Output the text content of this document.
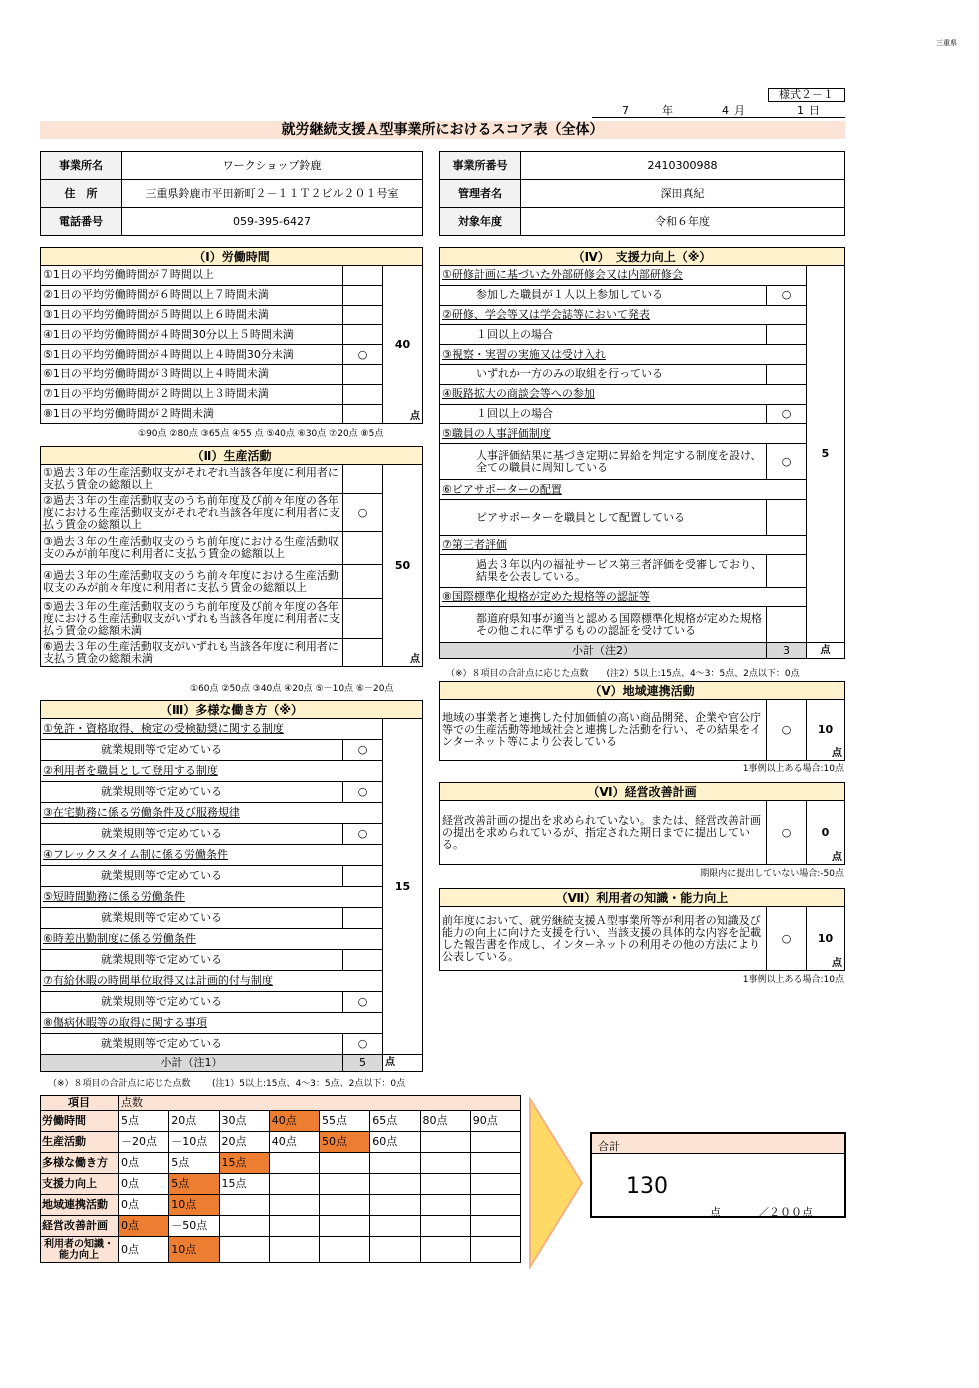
三重県
様式２－１
7	年	4 月	1 日
就労継続支援Ａ型事業所におけるスコア表（全体）
事業所名	ワークショップ鈴鹿
住　所	三重県鈴鹿市平田新町２－１１Ｔ２ビル２０１号室
電話番号	059-395-6427
事業所番号	2410300988
管理者名	深田真紀
対象年度	令和６年度
（Ⅰ）労働時間		
①1日の平均労働時間が７時間以上		40
点

②1日の平均労働時間が６時間以上７時間未満		
③1日の平均労働時間が５時間以上６時間未満		
④1日の平均労働時間が４時間30分以上５時間未満		
⑤1日の平均労働時間が４時間以上４時間30分未満	○	
⑥1日の平均労働時間が３時間以上４時間未満		
⑦1日の平均労働時間が２時間以上３時間未満		
⑧1日の平均労働時間が２時間未満		
①90点 ②80点 ③65点 ④55 点 ⑤40点 ⑥30点 ⑦20点 ⑧5点
（Ⅱ）生産活動		
①過去３年の生産活動収支がそれぞれ当該各年度に利用者に支払う賃金の総額以上		50
点

②過去３年の生産活動収支のうち前年度及び前々年度の各年度における生産活動収支がそれぞれ当該各年度に利用者に支払う賃金の総額以上	○	
③過去３年の生産活動収支のうち前年度における生産活動収支のみが前年度に利用者に支払う賃金の総額以上		
④過去３年の生産活動収支のうち前々年度における生産活動収支のみが前々年度に利用者に支払う賃金の総額以上		
⑤過去３年の生産活動収支のうち前年度及び前々年度の各年度における生産活動収支がいずれも当該各年度に利用者に支払う賃金の総額未満		
⑥過去３年の生産活動収支がいずれも当該各年度に利用者に支払う賃金の総額未満		
①60点 ②50点 ③40点 ④20点 ⑤－10点 ⑥－20点
（Ⅲ）多様な働き方（※）		
①免許・資格取得、検定の受検勧奨に関する制度		15
就業規則等で定めている	○	
②利用者を職員として登用する制度		
就業規則等で定めている	○	
③在宅勤務に係る労働条件及び服務規律		
就業規則等で定めている	○	
④フレックスタイム制に係る労働条件		
就業規則等で定めている		
⑤短時間勤務に係る労働条件		
就業規則等で定めている		
⑥時差出勤制度に係る労働条件		
就業規則等で定めている		
⑦有給休暇の時間単位取得又は計画的付与制度		
就業規則等で定めている	○	
⑧傷病休暇等の取得に関する事項		
就業規則等で定めている	○	
小計（注1）	5	点
（※）８項目の合計点に応じた点数 (注1）5以上:15点、4～3：5点、2点以下：0点
（Ⅳ）　支援力向上（※）		
①研修計画に基づいた外部研修会又は内部研修会		5
参加した職員が１人以上参加している	○	
②研修、学会等又は学会誌等において発表		
１回以上の場合		
③視察・実習の実施又は受け入れ		
いずれか一方のみの取組を行っている		
④販路拡大の商談会等への参加		
１回以上の場合	○	
⑤職員の人事評価制度		
人事評価結果に基づき定期に昇給を判定する制度を設け、全ての職員に周知している	○	
⑥ピアサポーターの配置		
ピアサポーターを職員として配置している		
⑦第三者評価		
過去３年以内の福祉サービス第三者評価を受審しており、結果を公表している。		
⑧国際標準化規格が定めた規格等の認証等		
都道府県知事が適当と認める国際標準化規格が定めた規格その他これに準ずるものの認証を受けている		
小計（注2）	3	点
（※）８項目の合計点に応じた点数　　(注2）5以上:15点、4～3：5点、2点以下：0点
（Ⅴ）地域連携活動
地域の事業者と連携した付加価値の高い商品開発、企業や官公庁等での生産活動等地域社会と連携した活動を行い、その結果をインターネット等により公表している	○	10
点
1事例以上ある場合:10点
（Ⅵ）経営改善計画
経営改善計画の提出を求められていない。または、経営改善計画の提出を求められているが、指定された期日までに提出している。	○	0
点
期限内に提出していない場合:-50点
（Ⅶ）利用者の知識・能力向上
前年度において、就労継続支援Ａ型事業所等が利用者の知識及び能力の向上に向けた支援を行い、当該支援の具体的な内容を記載した報告書を作成し、インターネットの利用その他の方法により公表している。	○	10
点
1事例以上ある場合:10点
項目	点数							
労働時間	5点	20点	30点	40点	55点	65点	80点	90点
生産活動	－20点	－10点	20点	40点	50点	60点		
多様な働き方	0点	5点	15点					
支援力向上	0点	5点	15点					
地域連携活動	0点	10点						
経営改善計画	0点	－50点						
利用者の知識・能力向上	0点	10点						
合計
130
点	／２００点
